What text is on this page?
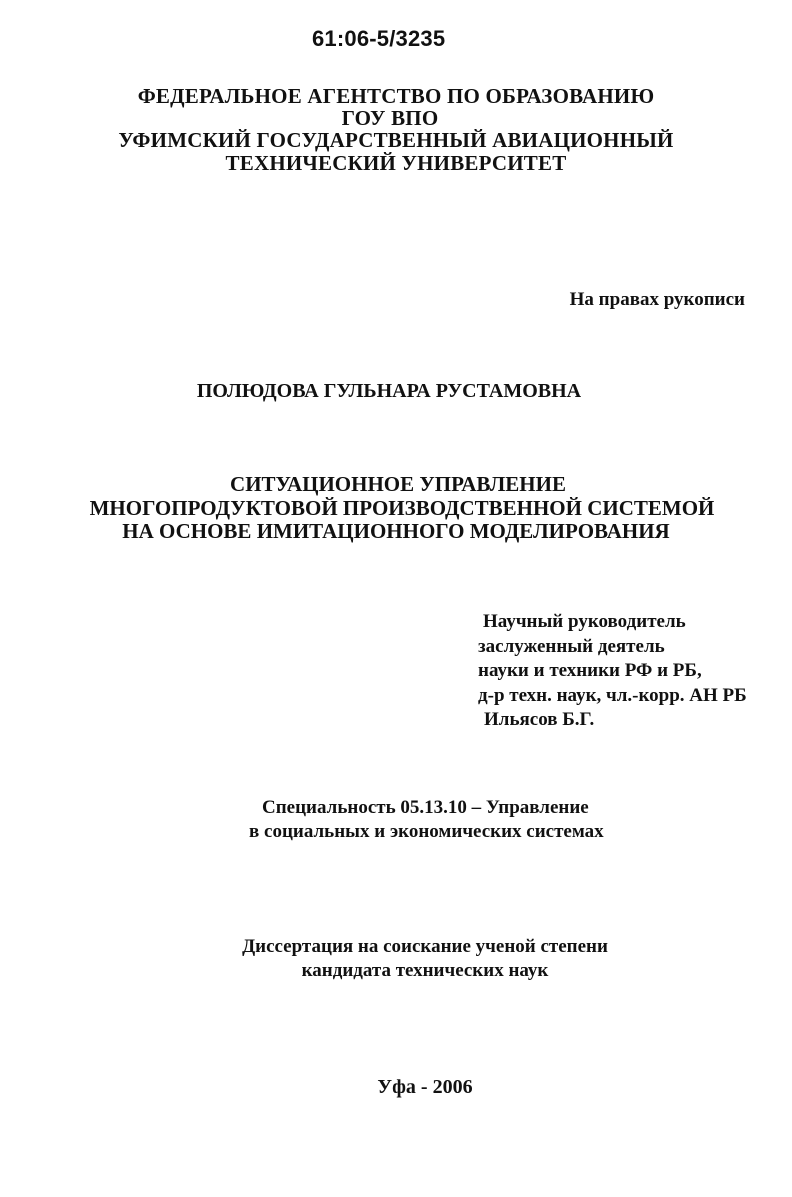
61:06-5/3235
ФЕДЕРАЛЬНОЕ АГЕНТСТВО ПО ОБРАЗОВАНИЮ
ГОУ ВПО
УФИМСКИЙ ГОСУДАРСТВЕННЫЙ АВИАЦИОННЫЙ
ТЕХНИЧЕСКИЙ УНИВЕРСИТЕТ
На правах рукописи
ПОЛЮДОВА ГУЛЬНАРА РУСТАМОВНА
СИТУАЦИОННОЕ УПРАВЛЕНИЕ
МНОГОПРОДУКТОВОЙ ПРОИЗВОДСТВЕННОЙ СИСТЕМОЙ
НА ОСНОВЕ ИМИТАЦИОННОГО МОДЕЛИРОВАНИЯ
Научный руководитель
заслуженный деятель
науки и техники РФ и РБ,
д-р техн. наук, чл.-корр. АН РБ
Ильясов Б.Г.
Специальность 05.13.10 – Управление
в социальных и экономических системах
Диссертация на соискание ученой степени
кандидата технических наук
Уфа - 2006
